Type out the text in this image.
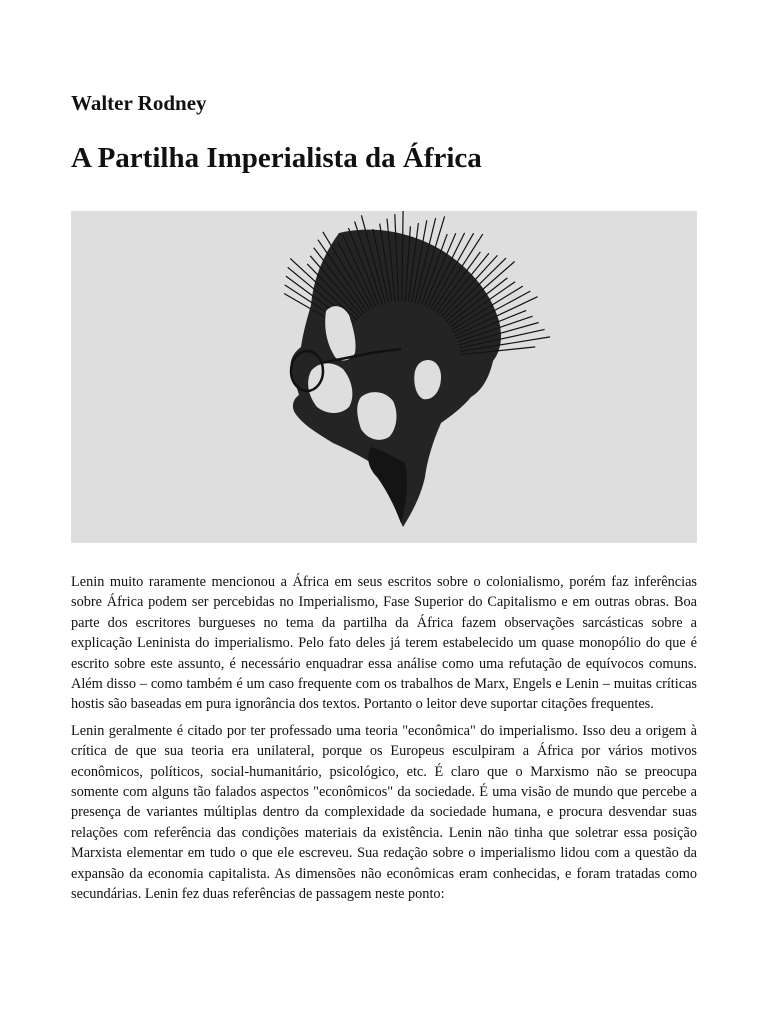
Walter Rodney
A Partilha Imperialista da África

Lenin muito raramente mencionou a África em seus escritos sobre o colonialismo, porém faz inferências sobre África podem ser percebidas no Imperialismo, Fase Superior do Capitalismo e em outras obras. Boa parte dos escritores burgueses no tema da partilha da África fazem observações sarcásticas sobre a explicação Leninista do imperialismo. Pelo fato deles já terem estabelecido um quase monopólio do que é escrito sobre este assunto, é necessário enquadrar essa análise como uma refutação de equívocos comuns. Além disso – como também é um caso frequente com os trabalhos de Marx, Engels e Lenin – muitas críticas hostis são baseadas em pura ignorância dos textos. Portanto o leitor deve suportar citações frequentes.

Lenin geralmente é citado por ter professado uma teoria "econômica" do imperialismo. Isso deu a origem à crítica de que sua teoria era unilateral, porque os Europeus esculpiram a África por vários motivos econômicos, políticos, social-humanitário, psicológico, etc. É claro que o Marxismo não se preocupa somente com alguns tão falados aspectos "econômicos" da sociedade. É uma visão de mundo que percebe a presença de variantes múltiplas dentro da complexidade da sociedade humana, e procura desvendar suas relações com referência das condições materiais da existência. Lenin não tinha que soletrar essa posição Marxista elementar em tudo o que ele escreveu. Sua redação sobre o imperialismo lidou com a questão da expansão da economia capitalista. As dimensões não econômicas eram conhecidas, e foram tratadas como secundárias. Lenin fez duas referências de passagem neste ponto:
